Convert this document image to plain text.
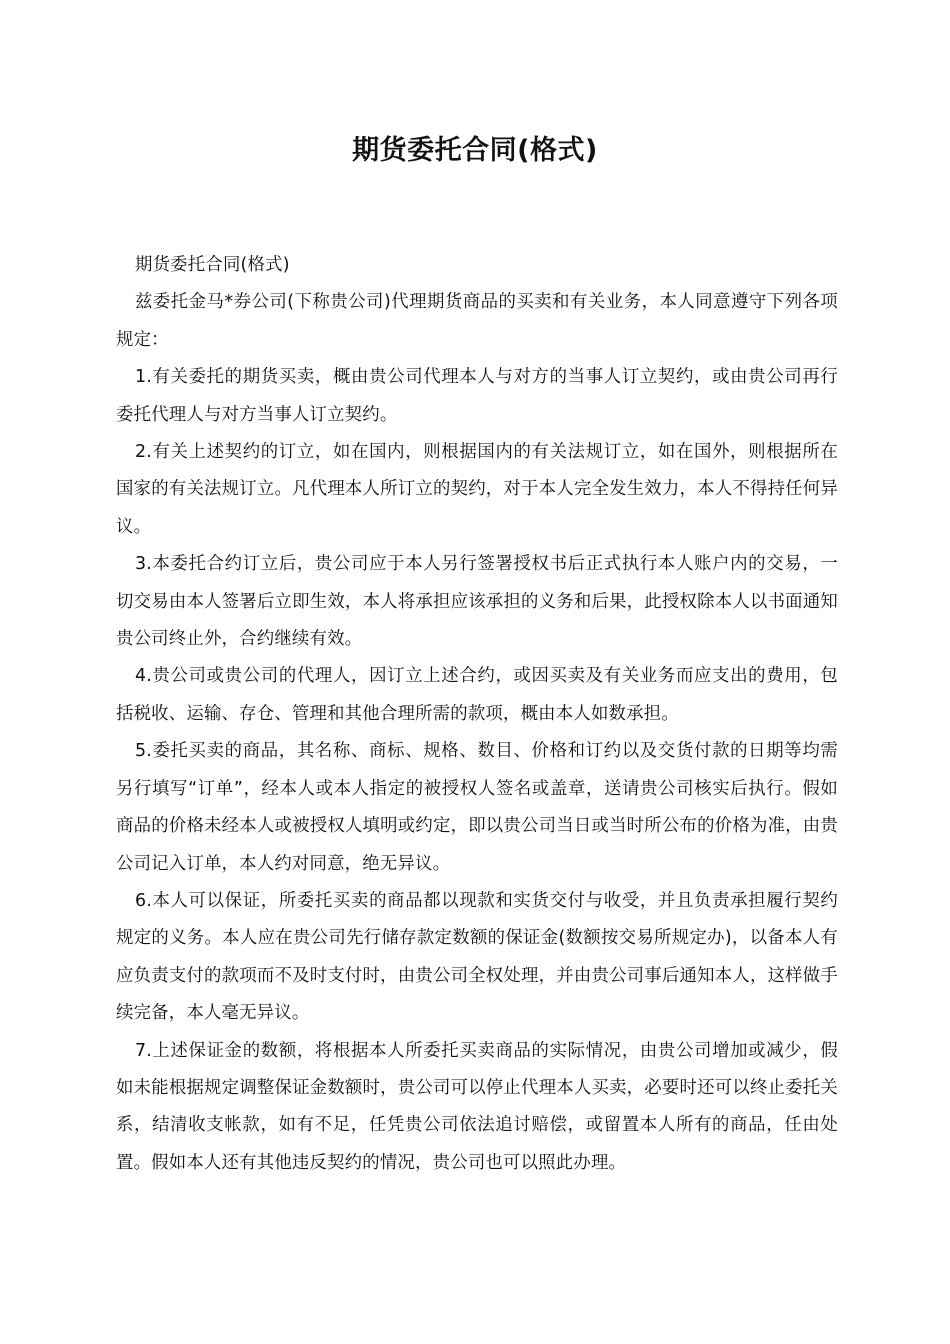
期货委托合同(格式)

期货委托合同(格式)

兹委托金马*券公司(下称贵公司)代理期货商品的买卖和有关业务，本人同意遵守下列各项规定：

1.有关委托的期货买卖，概由贵公司代理本人与对方的当事人订立契约，或由贵公司再行委托代理人与对方当事人订立契约。

2.有关上述契约的订立，如在国内，则根据国内的有关法规订立，如在国外，则根据所在国家的有关法规订立。凡代理本人所订立的契约，对于本人完全发生效力，本人不得持任何异议。

3.本委托合约订立后，贵公司应于本人另行签署授权书后正式执行本人账户内的交易，一切交易由本人签署后立即生效，本人将承担应该承担的义务和后果，此授权除本人以书面通知贵公司终止外，合约继续有效。

4.贵公司或贵公司的代理人，因订立上述合约，或因买卖及有关业务而应支出的费用，包括税收、运输、存仓、管理和其他合理所需的款项，概由本人如数承担。

5.委托买卖的商品，其名称、商标、规格、数目、价格和订约以及交货付款的日期等均需另行填写“订单”，经本人或本人指定的被授权人签名或盖章，送请贵公司核实后执行。假如商品的价格未经本人或被授权人填明或约定，即以贵公司当日或当时所公布的价格为准，由贵公司记入订单，本人约对同意，绝无异议。

6.本人可以保证，所委托买卖的商品都以现款和实货交付与收受，并且负责承担履行契约规定的义务。本人应在贵公司先行储存款定数额的保证金(数额按交易所规定办)，以备本人有应负责支付的款项而不及时支付时，由贵公司全权处理，并由贵公司事后通知本人，这样做手续完备，本人毫无异议。

7.上述保证金的数额，将根据本人所委托买卖商品的实际情况，由贵公司增加或减少，假如未能根据规定调整保证金数额时，贵公司可以停止代理本人买卖，必要时还可以终止委托关系，结清收支帐款，如有不足，任凭贵公司依法追讨赔偿，或留置本人所有的商品，任由处置。假如本人还有其他违反契约的情况，贵公司也可以照此办理。
